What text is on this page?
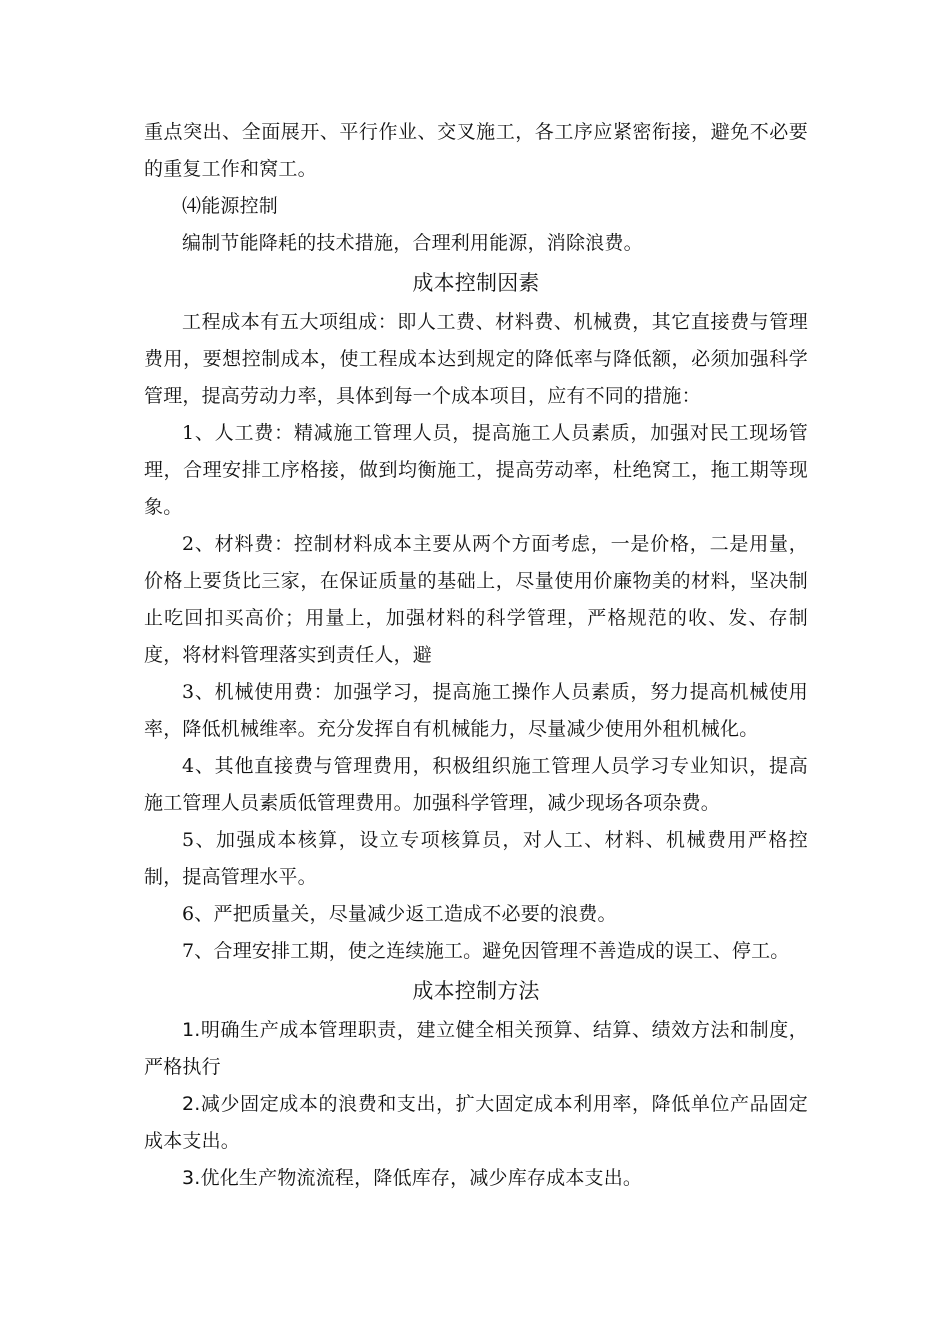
重点突出、全面展开、平行作业、交叉施工，各工序应紧密衔接，避免不必要的重复工作和窝工。

⑷能源控制

编制节能降耗的技术措施，合理利用能源，消除浪费。

成本控制因素

工程成本有五大项组成：即人工费、材料费、机械费，其它直接费与管理费用，要想控制成本，使工程成本达到规定的降低率与降低额，必须加强科学管理，提高劳动力率，具体到每一个成本项目，应有不同的措施：

1、人工费：精减施工管理人员，提高施工人员素质，加强对民工现场管理，合理安排工序格接，做到均衡施工，提高劳动率，杜绝窝工，拖工期等现象。

2、材料费：控制材料成本主要从两个方面考虑，一是价格，二是用量，价格上要货比三家，在保证质量的基础上，尽量使用价廉物美的材料，坚决制止吃回扣买高价；用量上，加强材料的科学管理，严格规范的收、发、存制度，将材料管理落实到责任人，避

3、机械使用费：加强学习，提高施工操作人员素质，努力提高机械使用率，降低机械维率。充分发挥自有机械能力，尽量减少使用外租机械化。

4、其他直接费与管理费用，积极组织施工管理人员学习专业知识，提高施工管理人员素质低管理费用。加强科学管理，减少现场各项杂费。

5、加强成本核算，设立专项核算员，对人工、材料、机械费用严格控制，提高管理水平。

6、严把质量关，尽量减少返工造成不必要的浪费。

7、合理安排工期，使之连续施工。避免因管理不善造成的误工、停工。

成本控制方法

1.明确生产成本管理职责，建立健全相关预算、结算、绩效方法和制度，严格执行

2.减少固定成本的浪费和支出，扩大固定成本利用率，降低单位产品固定成本支出。

3.优化生产物流流程，降低库存，减少库存成本支出。
